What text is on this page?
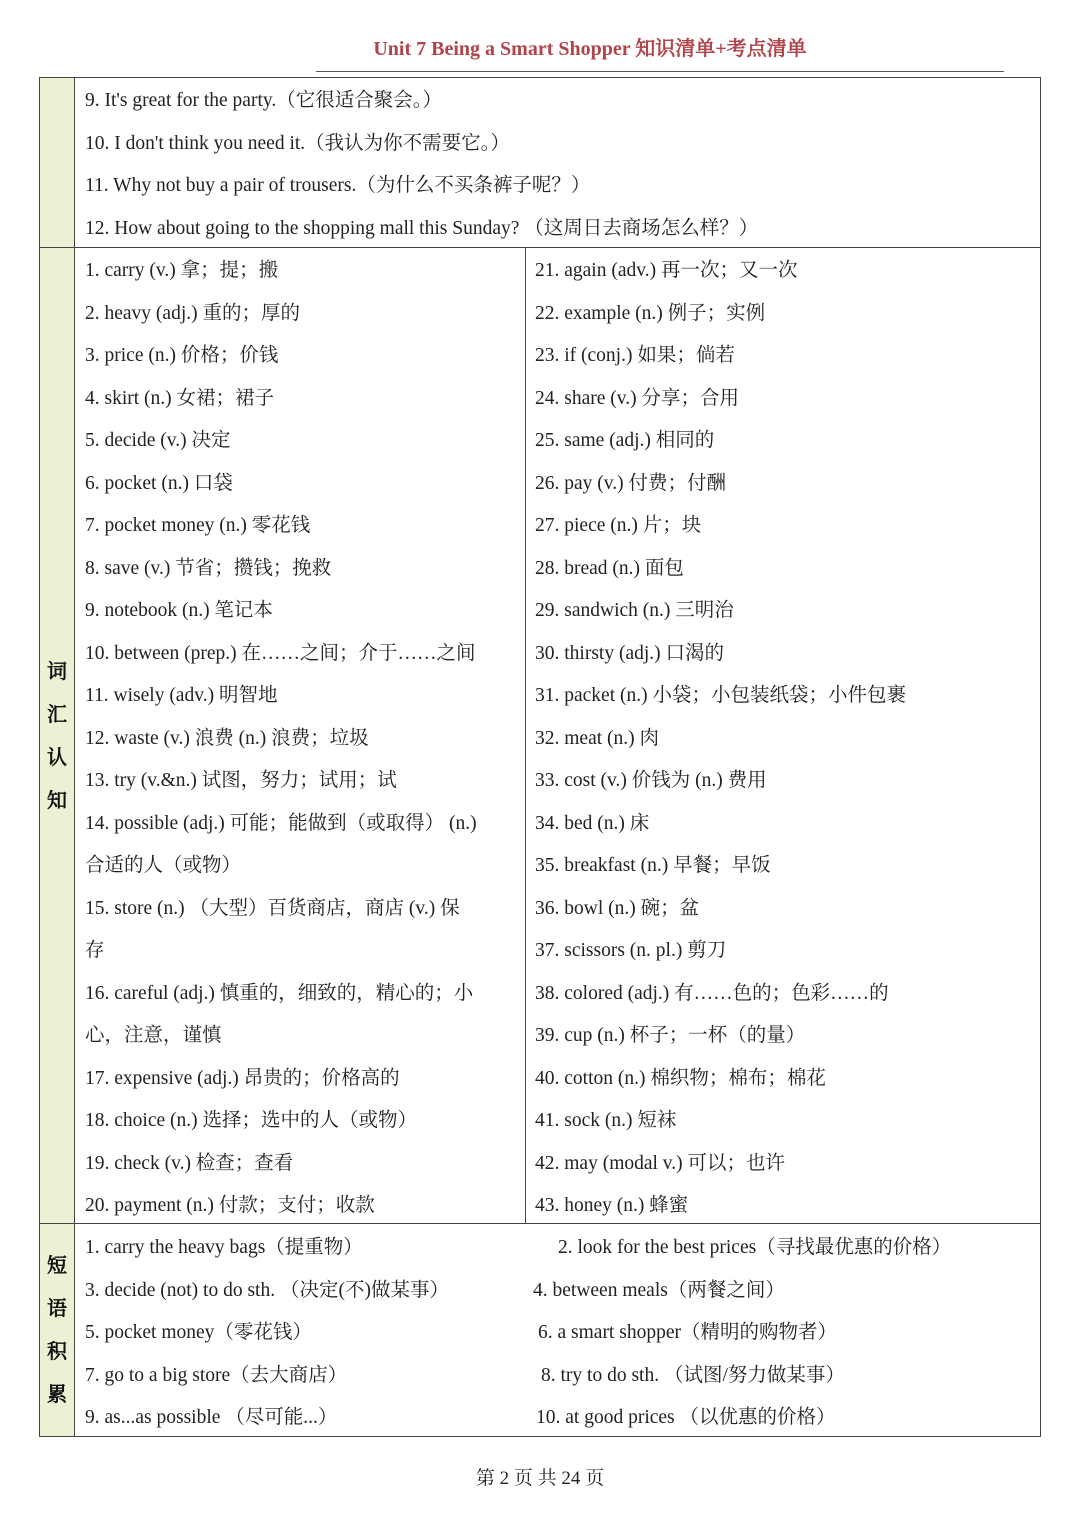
Unit 7 Being a Smart Shopper 知识清单+考点清单
词
汇
认
知
短
语
积
累
9. It's great for the party.（它很适合聚会。）
10. I don't think you need it.（我认为你不需要它。）
11. Why not buy a pair of trousers.（为什么不买条裤子呢？）
12. How about going to the shopping mall this Sunday? （这周日去商场怎么样？）
1. carry (v.) 拿；提；搬
2. heavy (adj.) 重的；厚的
3. price (n.) 价格；价钱
4. skirt (n.) 女裙；裙子
5. decide (v.) 决定
6. pocket (n.) 口袋
7. pocket money (n.) 零花钱
8. save (v.) 节省；攒钱；挽救
9. notebook (n.) 笔记本
10. between (prep.) 在……之间；介于……之间
11. wisely (adv.) 明智地
12. waste (v.) 浪费 (n.) 浪费；垃圾
13. try (v.&n.) 试图，努力；试用；试
14. possible (adj.) 可能；能做到（或取得） (n.)
合适的人（或物）
15. store (n.) （大型）百货商店，商店 (v.) 保
存
16. careful (adj.) 慎重的，细致的，精心的；小
心，注意，谨慎
17. expensive (adj.) 昂贵的；价格高的
18. choice (n.) 选择；选中的人（或物）
19. check (v.) 检查；查看
20. payment (n.) 付款；支付；收款
21. again (adv.) 再一次；又一次
22. example (n.) 例子；实例
23. if (conj.) 如果；倘若
24. share (v.) 分享；合用
25. same (adj.) 相同的
26. pay (v.) 付费；付酬
27. piece (n.) 片；块
28. bread (n.) 面包
29. sandwich (n.) 三明治
30. thirsty (adj.) 口渴的
31. packet (n.) 小袋；小包装纸袋；小件包裹
32. meat (n.) 肉
33. cost (v.) 价钱为 (n.) 费用
34. bed (n.) 床
35. breakfast (n.) 早餐；早饭
36. bowl (n.) 碗；盆
37. scissors (n. pl.) 剪刀
38. colored (adj.) 有……色的；色彩……的
39. cup (n.) 杯子；一杯（的量）
40. cotton (n.) 棉织物；棉布；棉花
41. sock (n.) 短袜
42. may (modal v.) 可以；也许
43. honey (n.) 蜂蜜
1. carry the heavy bags（提重物）
3. decide (not) to do sth. （决定(不)做某事）
5. pocket money（零花钱）
7. go to a big store（去大商店）
9. as...as possible （尽可能...）
2. look for the best prices（寻找最优惠的价格）
4. between meals（两餐之间）
6. a smart shopper（精明的购物者）
8. try to do sth. （试图/努力做某事）
10. at good prices （以优惠的价格）
第 2 页 共 24 页
